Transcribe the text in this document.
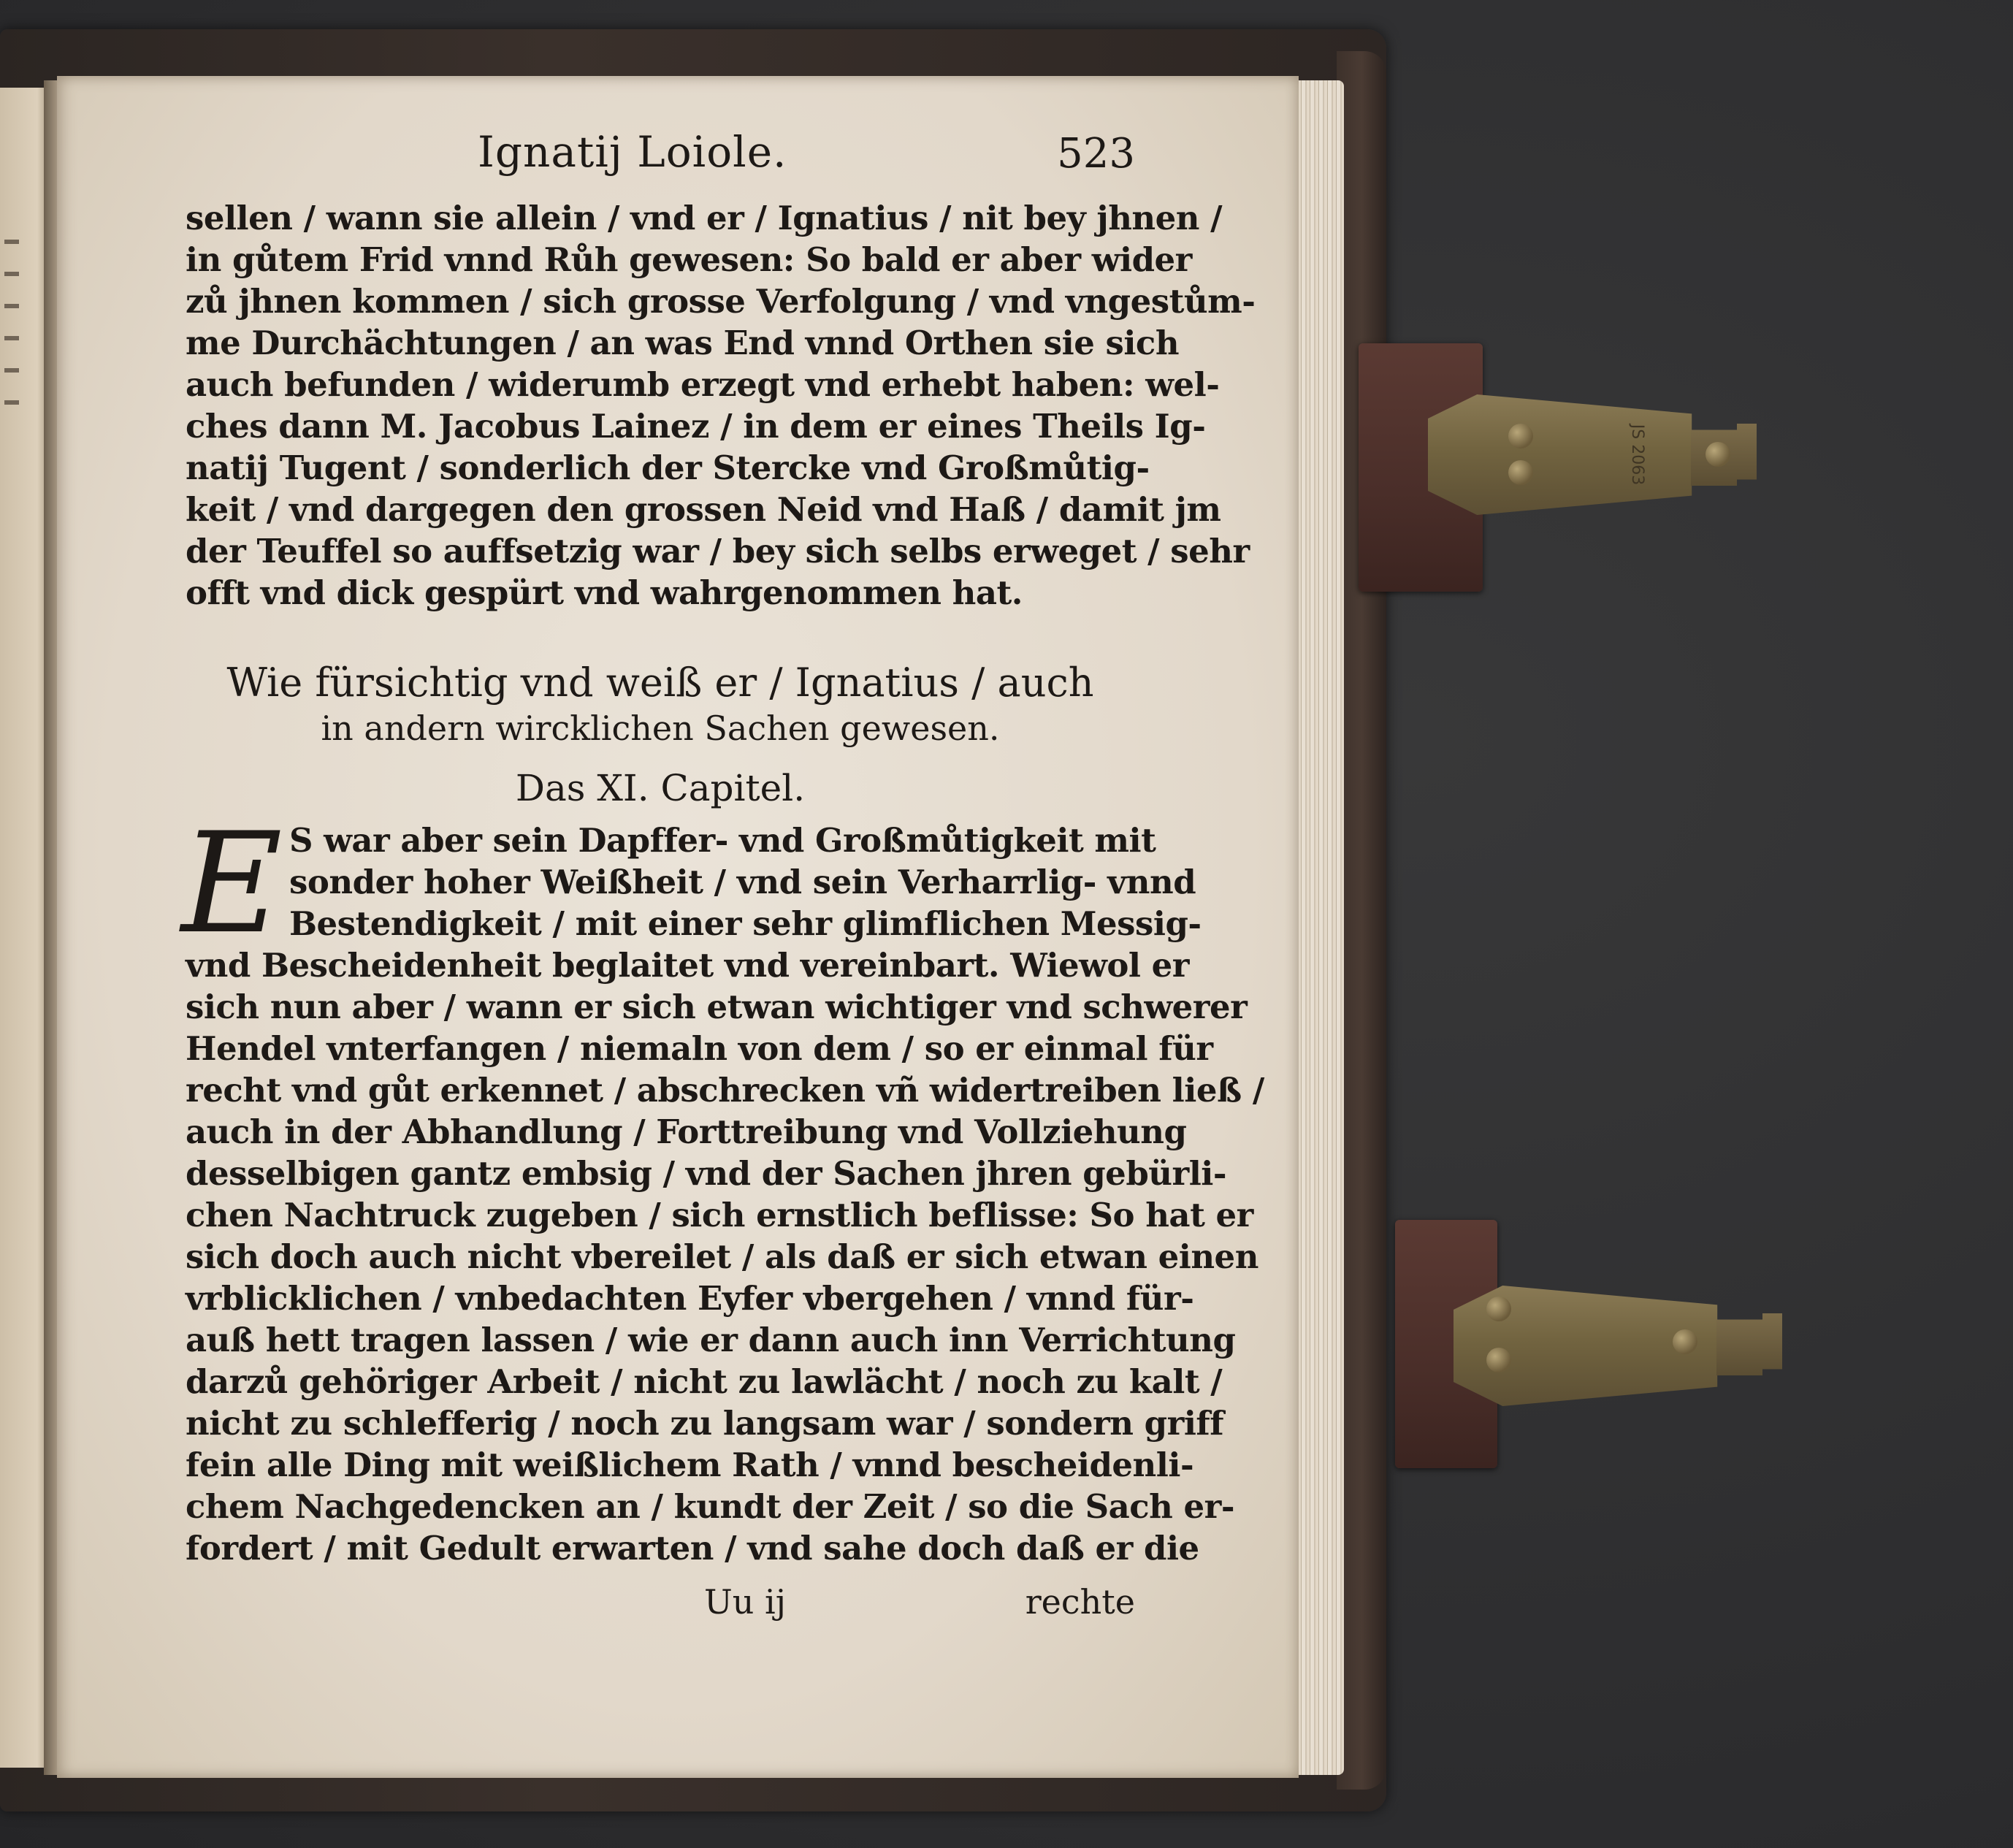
Ignatij Loiole.	523
sellen / wann sie allein / vnd er / Ignatius / nit bey jhnen /
in gůtem Frid vnnd Růh gewesen: So bald er aber wider
zů jhnen kommen / sich grosse Verfolgung / vnd vngestům-
me Durchächtungen / an was End vnnd Orthen sie sich
auch befunden / widerumb erzegt vnd erhebt haben: wel-
ches dann M. Jacobus Lainez / in dem er eines Theils Ig-
natij Tugent / sonderlich der Stercke vnd Großmůtig-
keit / vnd dargegen den grossen Neid vnd Haß / damit jm
der Teuffel so auffsetzig war / bey sich selbs erweget / sehr
offt vnd dick gespürt vnd wahrgenommen hat.
Wie fürsichtig vnd weiß er / Ignatius / auch
in andern wircklichen Sachen gewesen.
Das XI. Capitel.
E S war aber sein Dapffer- vnd Großmůtigkeit mit
sonder hoher Weißheit / vnd sein Verharrlig- vnnd
Bestendigkeit / mit einer sehr glimflichen Messig-
vnd Bescheidenheit beglaitet vnd vereinbart. Wiewol er
sich nun aber / wann er sich etwan wichtiger vnd schwerer
Hendel vnterfangen / niemaln von dem / so er einmal für
recht vnd gůt erkennet / abschrecken vñ widertreiben ließ /
auch in der Abhandlung / Forttreibung vnd Vollziehung
desselbigen gantz embsig / vnd der Sachen jhren gebürli-
chen Nachtruck zugeben / sich ernstlich beflisse: So hat er
sich doch auch nicht vbereilet / als daß er sich etwan einen
vrblicklichen / vnbedachten Eyfer vbergehen / vnnd für-
auß hett tragen lassen / wie er dann auch inn Verrichtung
darzů gehöriger Arbeit / nicht zu lawlächt / noch zu kalt /
nicht zu schlefferig / noch zu langsam war / sondern griff
fein alle Ding mit weißlichem Rath / vnnd bescheidenli-
chem Nachgedencken an / kundt der Zeit / so die Sach er-
fordert / mit Gedult erwarten / vnd sahe doch daß er die
Uu ij	rechte
JS 2063
